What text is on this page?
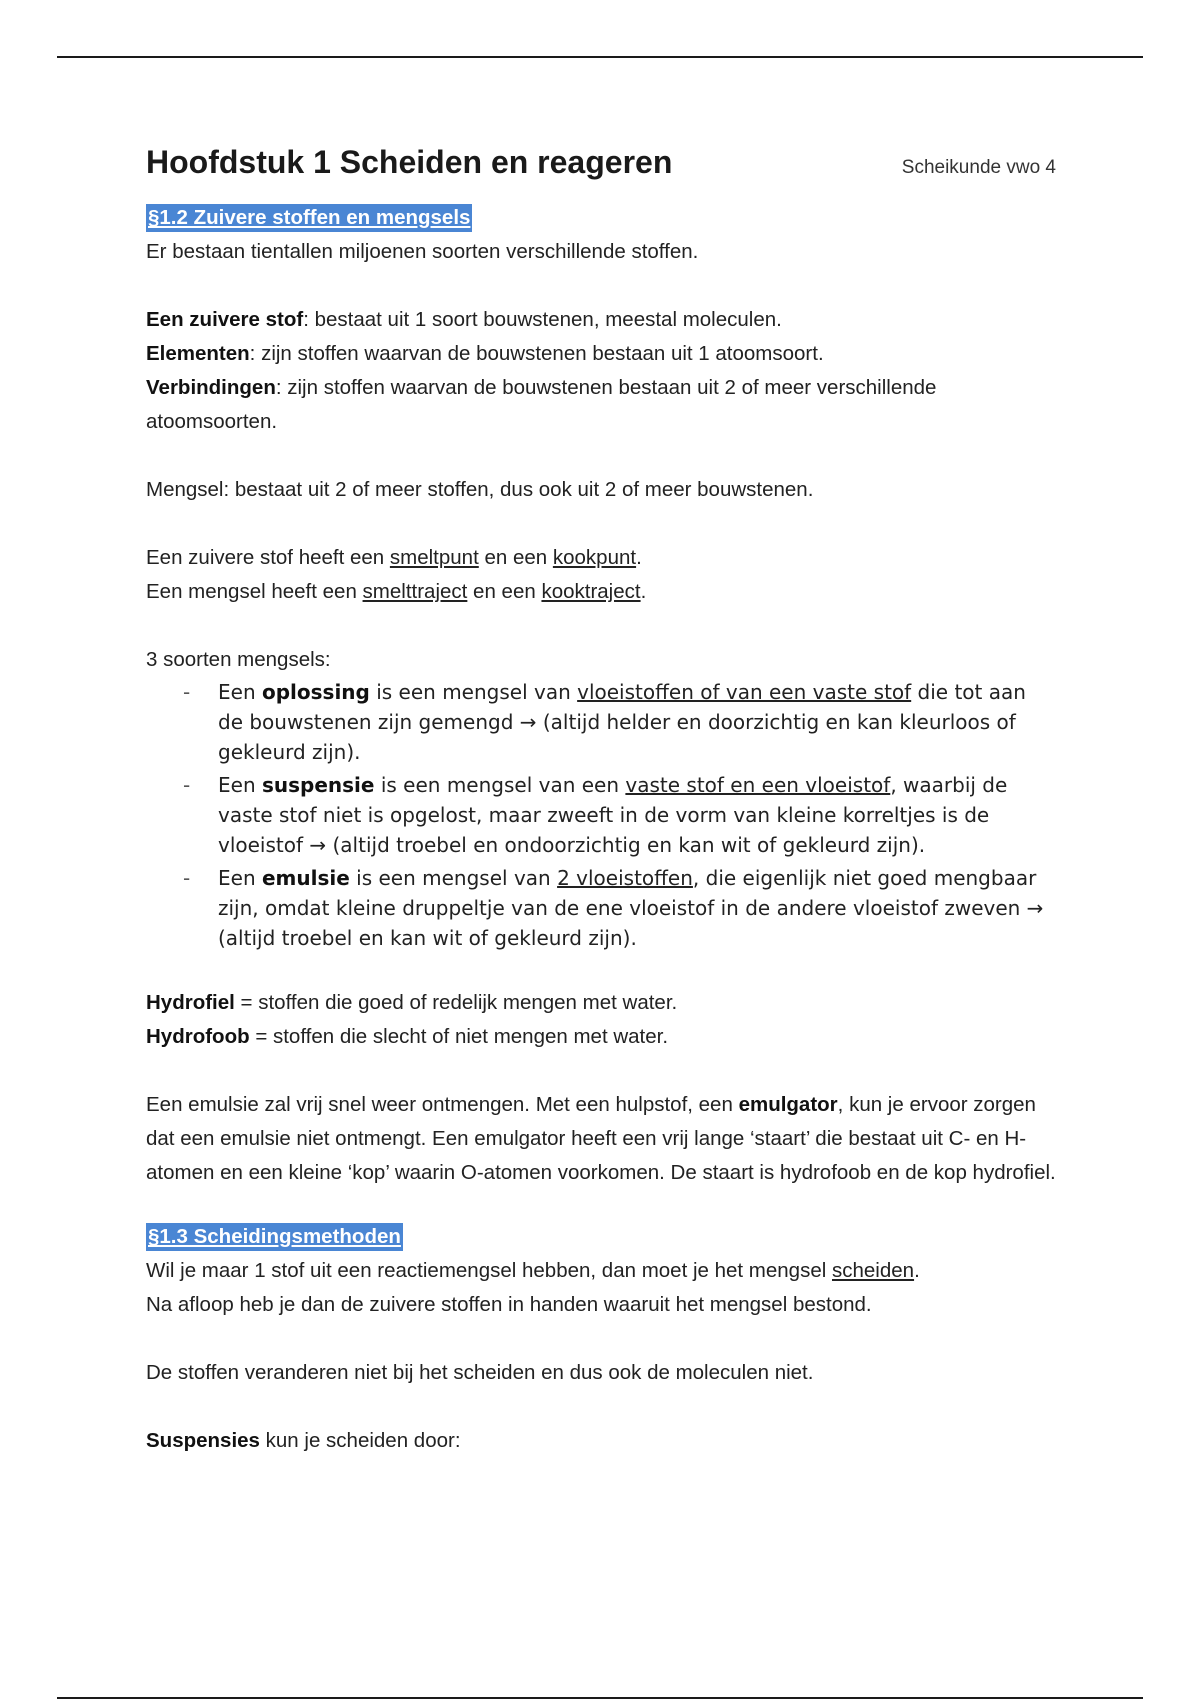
Hoofdstuk 1 Scheiden en reageren	Scheikunde vwo 4
§1.2 Zuivere stoffen en mengsels

Er bestaan tientallen miljoenen soorten verschillende stoffen.

Een zuivere stof: bestaat uit 1 soort bouwstenen, meestal moleculen.

Elementen: zijn stoffen waarvan de bouwstenen bestaan uit 1 atoomsoort.

Verbindingen: zijn stoffen waarvan de bouwstenen bestaan uit 2 of meer verschillende atoomsoorten.

Mengsel: bestaat uit 2 of meer stoffen, dus ook uit 2 of meer bouwstenen.

Een zuivere stof heeft een smeltpunt en een kookpunt.

Een mengsel heeft een smelttraject en een kooktraject.

3 soorten mengsels:

- Een oplossing is een mengsel van vloeistoffen of van een vaste stof die tot aan de bouwstenen zijn gemengd → (altijd helder en doorzichtig en kan kleurloos of gekleurd zijn).
- Een suspensie is een mengsel van een vaste stof en een vloeistof, waarbij de vaste stof niet is opgelost, maar zweeft in de vorm van kleine korreltjes is de vloeistof → (altijd troebel en ondoorzichtig en kan wit of gekleurd zijn).
- Een emulsie is een mengsel van 2 vloeistoffen, die eigenlijk niet goed mengbaar zijn, omdat kleine druppeltje van de ene vloeistof in de andere vloeistof zweven → (altijd troebel en kan wit of gekleurd zijn).

Hydrofiel = stoffen die goed of redelijk mengen met water.

Hydrofoob = stoffen die slecht of niet mengen met water.

Een emulsie zal vrij snel weer ontmengen. Met een hulpstof, een emulgator, kun je ervoor zorgen dat een emulsie niet ontmengt. Een emulgator heeft een vrij lange ‘staart’ die bestaat uit C- en H-atomen en een kleine ‘kop’ waarin O-atomen voorkomen. De staart is hydrofoob en de kop hydrofiel.

§1.3 Scheidingsmethoden

Wil je maar 1 stof uit een reactiemengsel hebben, dan moet je het mengsel scheiden.

Na afloop heb je dan de zuivere stoffen in handen waaruit het mengsel bestond.

De stoffen veranderen niet bij het scheiden en dus ook de moleculen niet.

Suspensies kun je scheiden door:
